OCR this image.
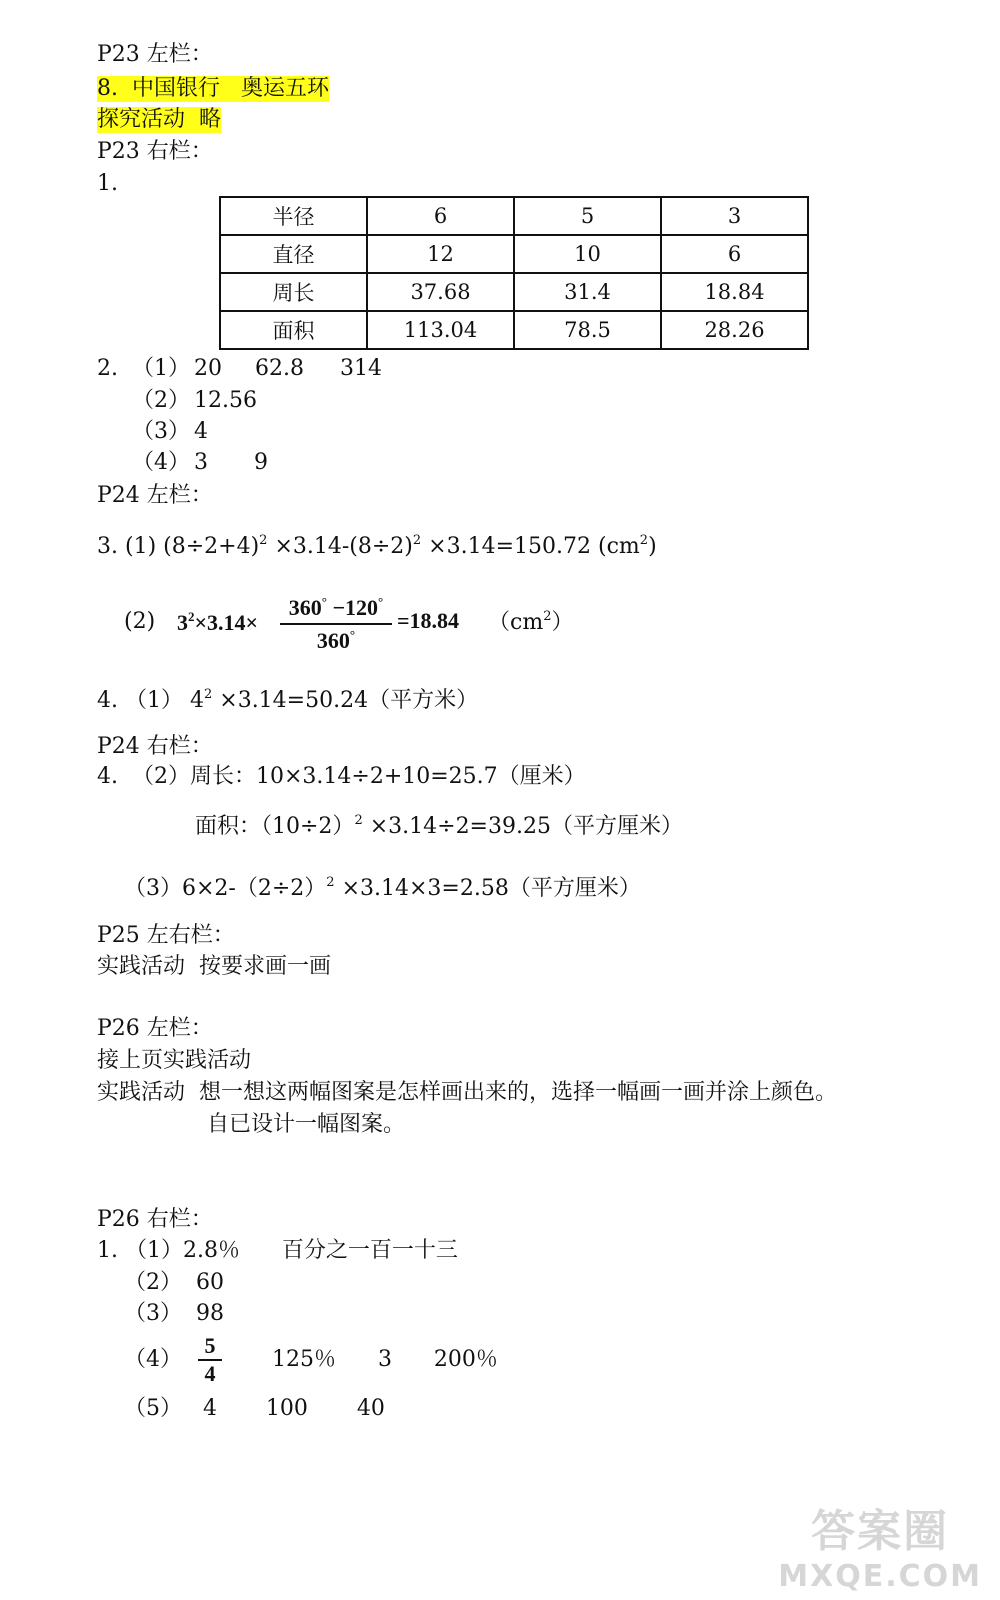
P23 左栏：
8.  中国银行   奥运五环
探究活动  略
P23 右栏：
1.
半径	6	5	3
直径	12	10	6
周长	37.68	31.4	18.84
面积	113.04	78.5	28.26
2. （1） 20 62.8 314
（2） 12.56
（3） 4
（4） 3 9
P24 左栏：
3. (1) $(8\div 2+4)^2 \times 3.14-(8\div 2)^2 \times 3.14=150.72$ $(cm^2)$
(2) $3^2\times 3.14\times$
360° −120°
360°
=18.84 $(cm^2)$
4. （1） $4^2 \times 3.14=50.24$（平方米）
P24 右栏：
4.  （2）周长：10×3.14÷2+10=25.7（厘米）
面积：$(10\div 2)^2 \times 3.14\div 2=39.25$（平方厘米）
$(3)6\times 2-(2\div 2)^2 \times 3.14\times 3=2.58$（平方厘米）
P25 左右栏：
实践活动  按要求画一画
P26 左栏：
接上页实践活动
实践活动  想一想这两幅图案是怎样画出来的，选择一幅画一画并涂上颜色。
自已设计一幅图案。
P26 右栏：
1. （1）2.8％      百分之一百一十三
（2）  60
（3）  98
（4）
5
4
125％      3      200％
（5）   4       100       40
答案圈
MXQE.COM
